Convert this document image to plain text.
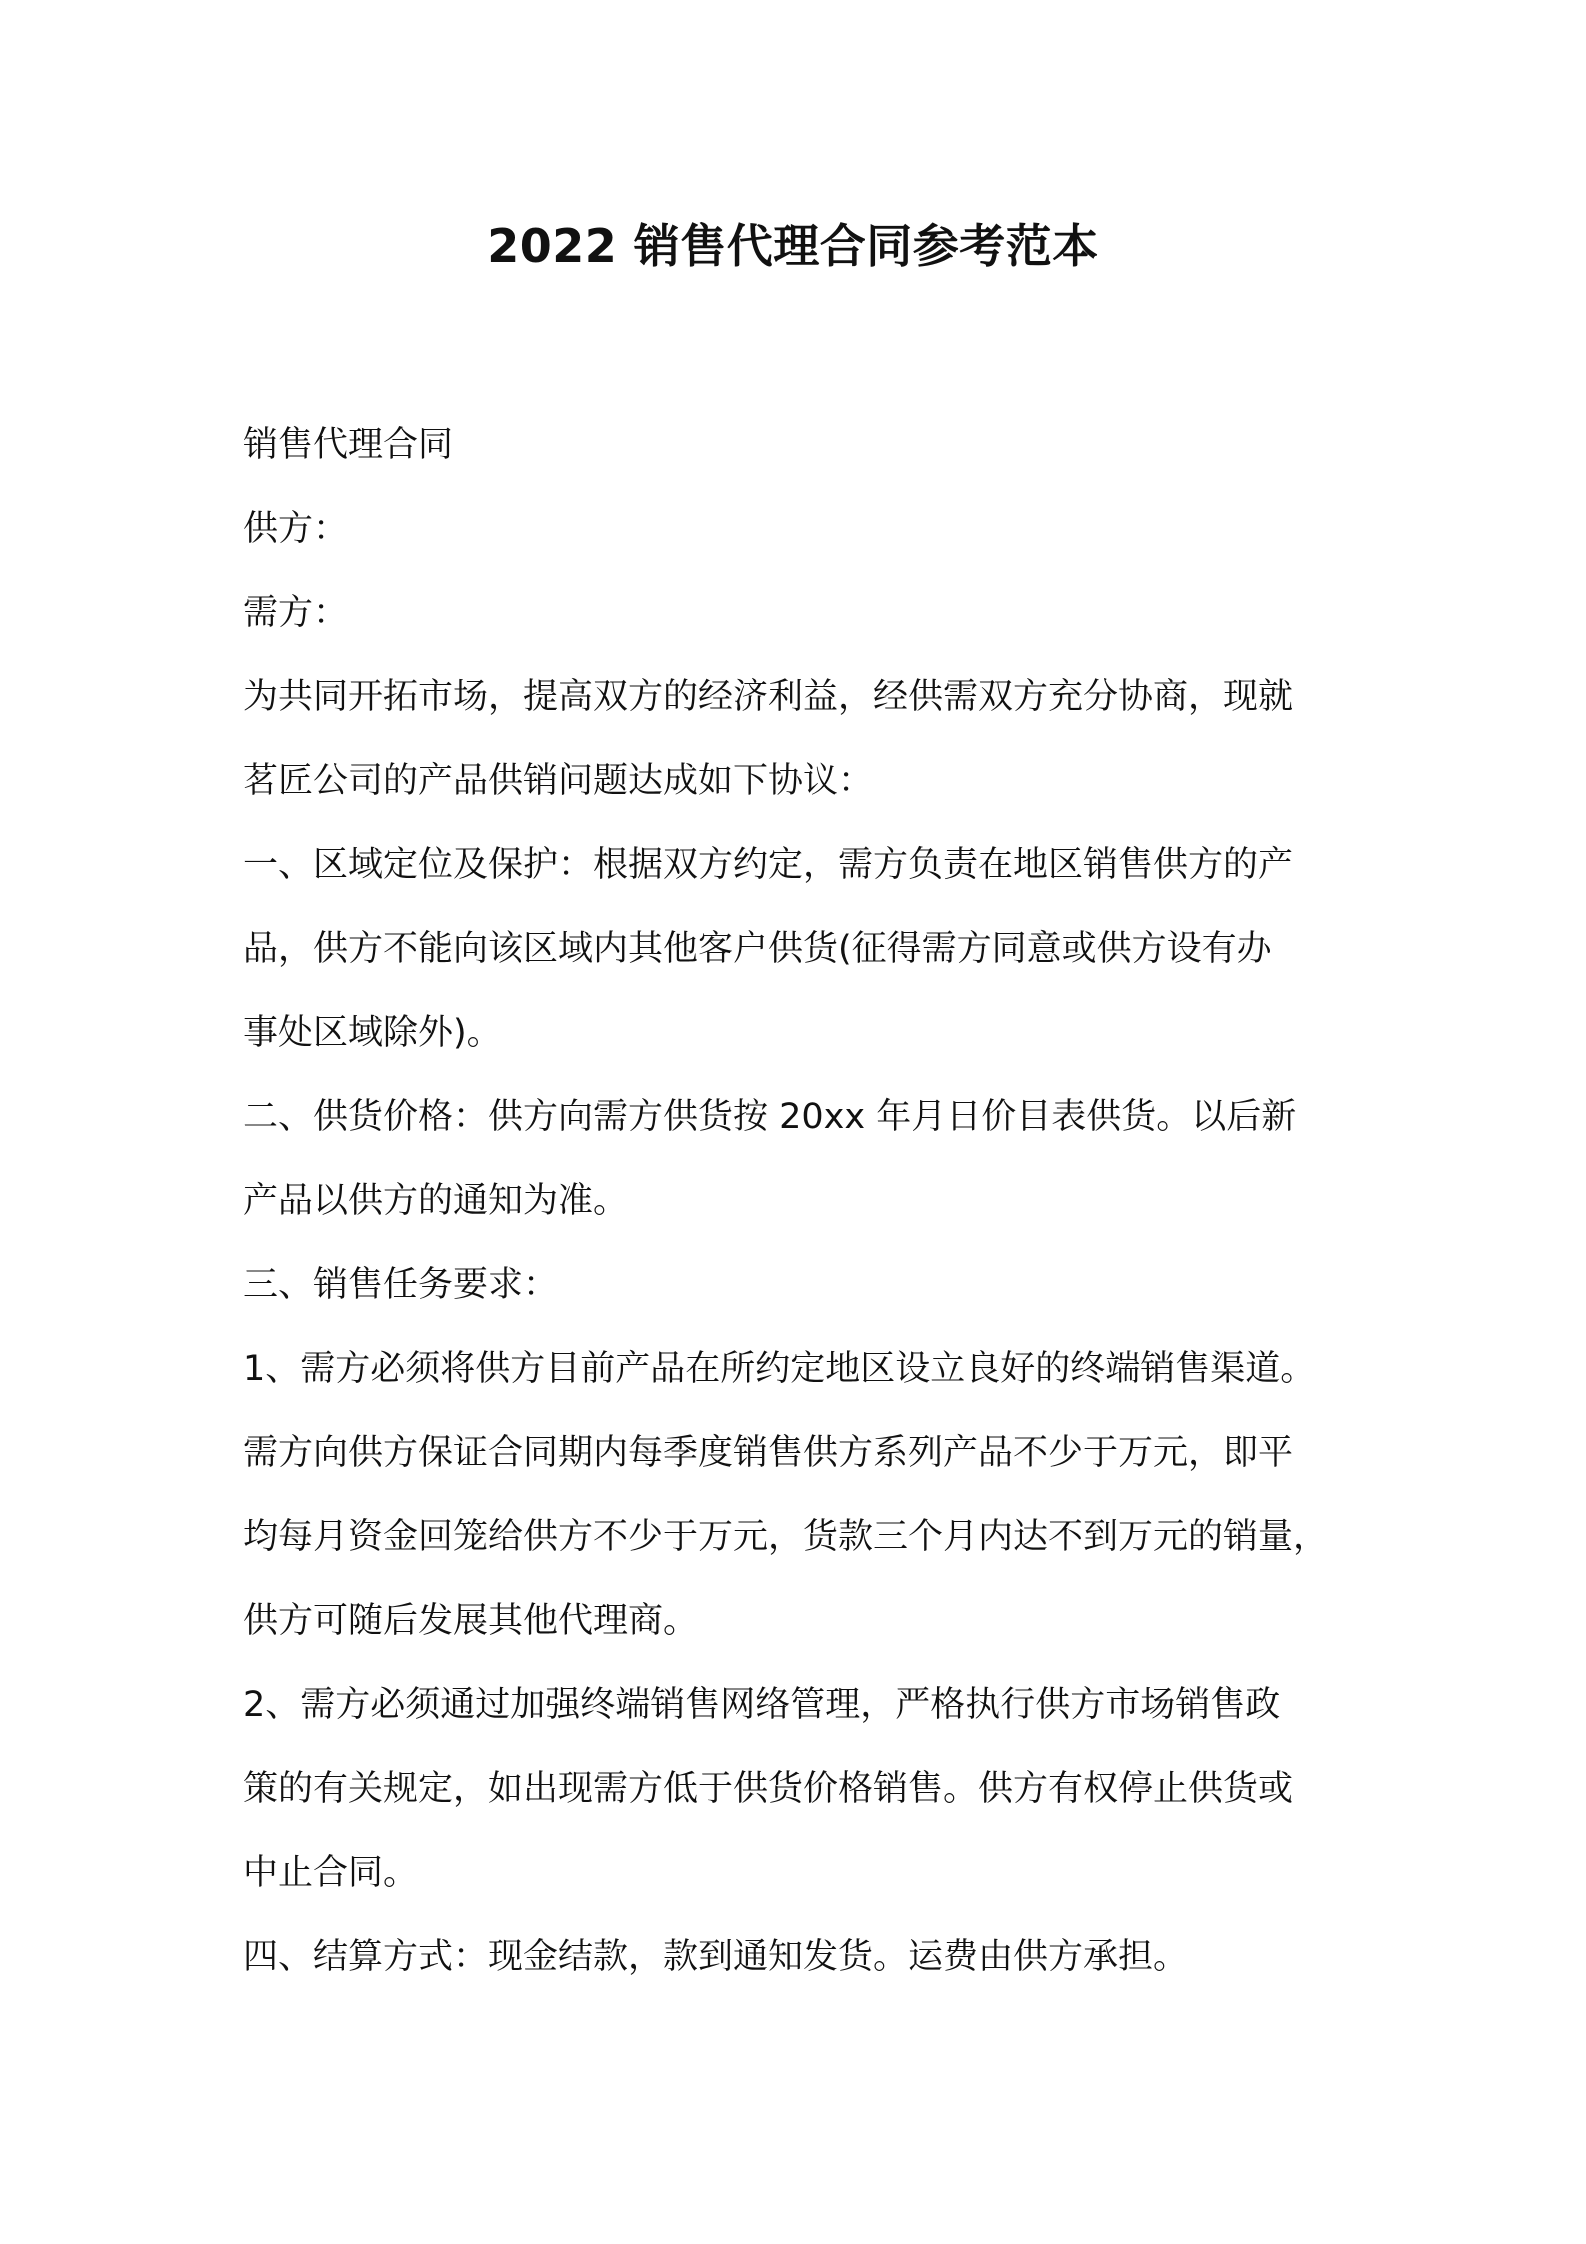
2022 销售代理合同参考范本

销售代理合同

供方：

需方：

为共同开拓市场，提高双方的经济利益，经供需双方充分协商，现就

茗匠公司的产品供销问题达成如下协议：

一、区域定位及保护：根据双方约定，需方负责在地区销售供方的产

品，供方不能向该区域内其他客户供货(征得需方同意或供方设有办

事处区域除外)。

二、供货价格：供方向需方供货按 20xx 年月日价目表供货。以后新

产品以供方的通知为准。

三、销售任务要求：

1、需方必须将供方目前产品在所约定地区设立良好的终端销售渠道。

需方向供方保证合同期内每季度销售供方系列产品不少于万元，即平

均每月资金回笼给供方不少于万元，货款三个月内达不到万元的销量，

供方可随后发展其他代理商。

2、需方必须通过加强终端销售网络管理，严格执行供方市场销售政

策的有关规定，如出现需方低于供货价格销售。供方有权停止供货或

中止合同。

四、结算方式：现金结款，款到通知发货。运费由供方承担。
